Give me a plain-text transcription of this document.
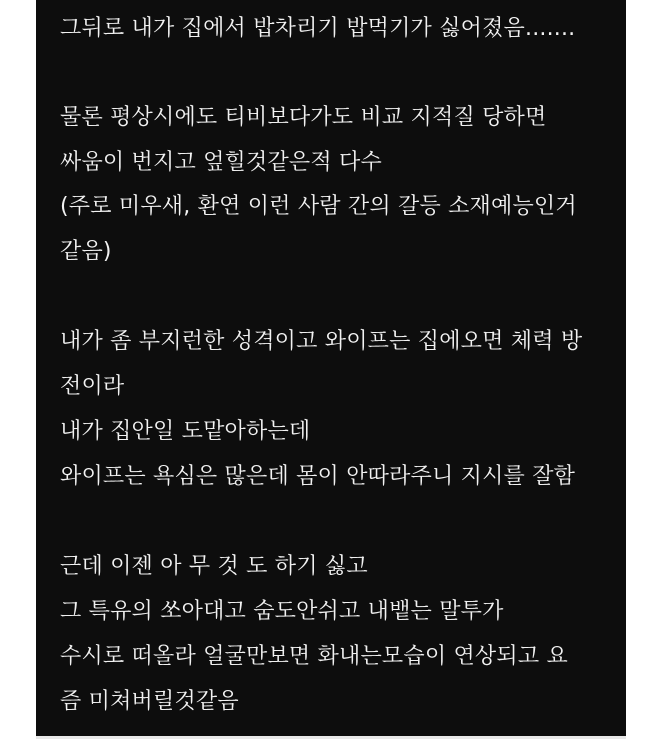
그뒤로 내가 집에서 밥차리기 밥먹기가 싫어졌음.......
물론 평상시에도 티비보다가도 비교 지적질 당하면
싸움이 번지고 엎힐것같은적 다수
(주로 미우새, 환연 이런 사람 간의 갈등 소재예능인거
같음)
내가 좀 부지런한 성격이고 와이프는 집에오면 체력 방
전이라
내가 집안일 도맡아하는데
와이프는 욕심은 많은데 몸이 안따라주니 지시를 잘함
근데 이젠 아 무 것 도 하기 싫고
그 특유의 쏘아대고 숨도안쉬고 내뱉는 말투가
수시로 떠올라 얼굴만보면 화내는모습이 연상되고 요
즘 미쳐버릴것같음
